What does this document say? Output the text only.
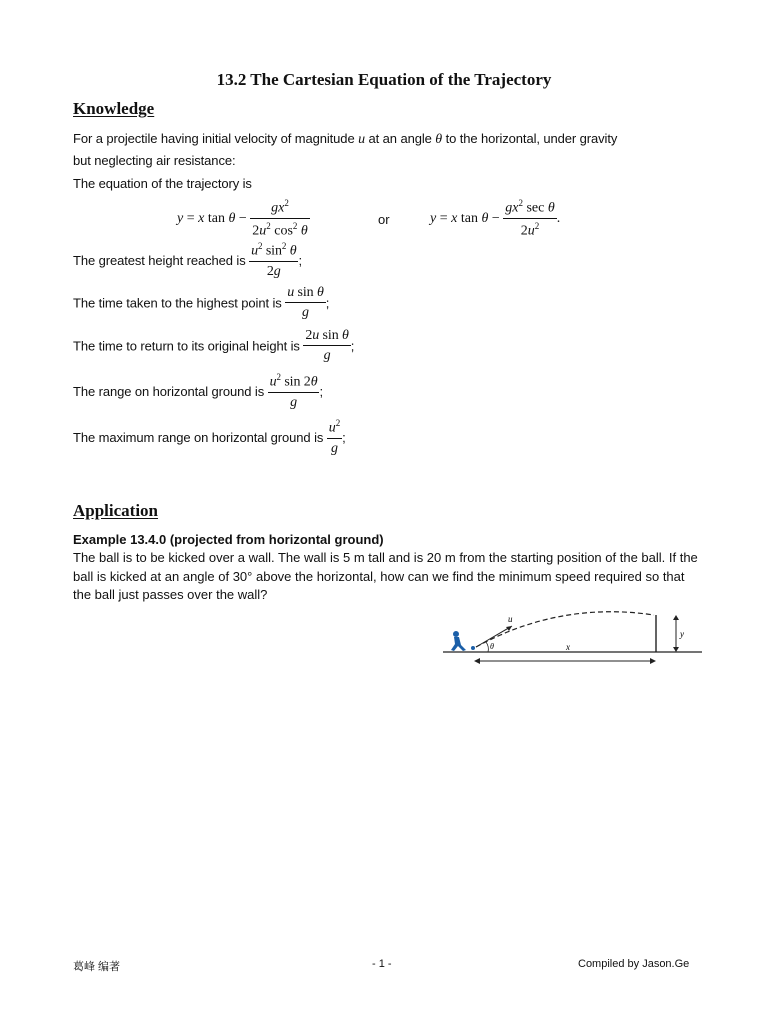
13.2 The Cartesian Equation of the Trajectory
Knowledge
For a projectile having initial velocity of magnitude u at an angle θ to the horizontal, under gravity
but neglecting air resistance:
The equation of the trajectory is
y = x $\tan \theta - \frac{gx^2}{2u^2 \cos^2 \theta}$	or	y = x $\tan \theta - \frac{gx^2 \sec \theta}{2u^2}$ .
The greatest height reached is $\frac{u^2 \sin^2 \theta}{2g}$ ;
The time taken to the highest point is $\frac{\text{u sin θ}}{g}$ ;
The time to return to its original height is $\frac{\text{2u sin θ}}{g}$ ;
The range on horizontal ground is $\frac{u^2 \sin 2\theta}{g}$ ;
The maximum range on horizontal ground is $\frac{u^2}{g}$ ;
Application
Example 13.4.0 (projected from horizontal ground)
The ball is to be kicked over a wall. The wall is 5 m tall and is 20 m from the starting position of the ball. If the ball is kicked at an angle of 30° above the horizontal, how can we find the minimum speed required so that the ball just passes over the wall?
u
θ
y
x
葛峰 编著	- 1 -	Compiled by Jason.Ge
